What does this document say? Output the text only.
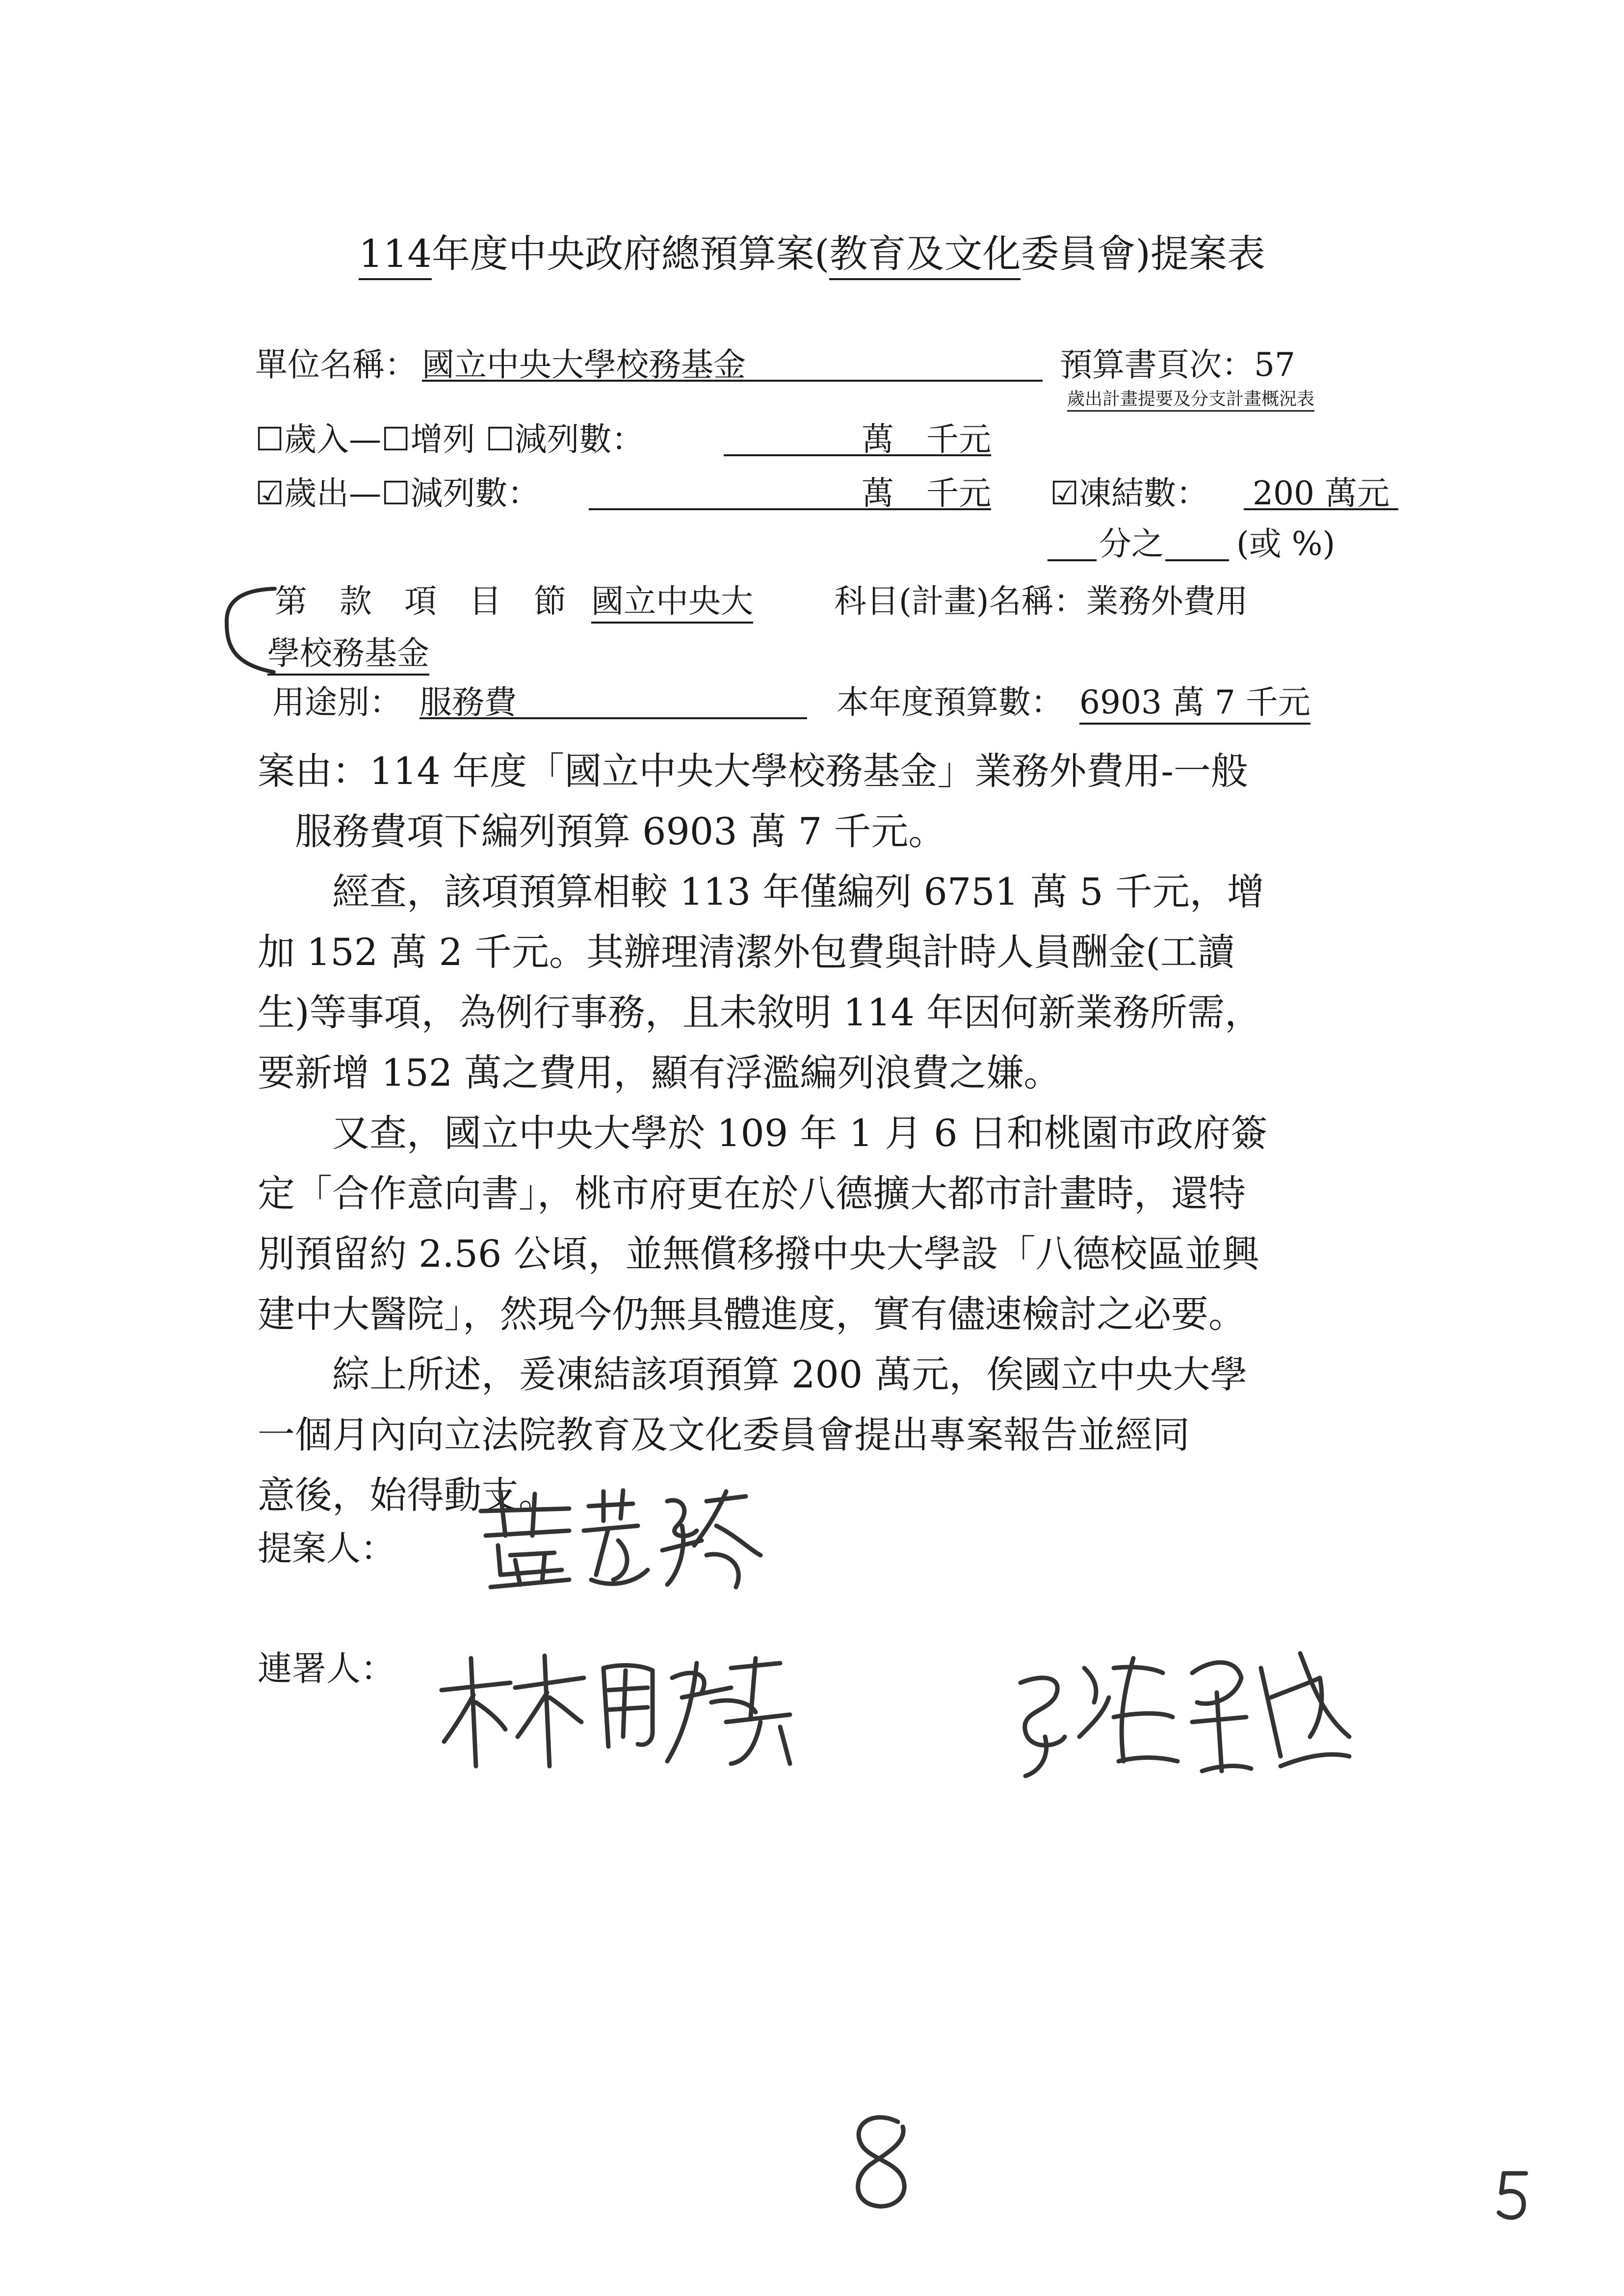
114年度中央政府總預算案(教育及文化委員會)提案表
單位名稱： 國立中央大學校務基金	預算書頁次：57
歲出計畫提要及分支計畫概況表
☐歲入—☐增列 ☐減列數：	萬　千元
☑歲出—☐減列數：	萬　千元 ☑凍結數： 200 萬元
分之 (或 %)
第　款　項　目　節 國立中央大	科目(計畫)名稱：業務外費用
學校務基金
用途別： 服務費	本年度預算數： 6903 萬 7 千元
案由：114 年度「國立中央大學校務基金」業務外費用-一般
　服務費項下編列預算 6903 萬 7 千元。
　　經查，該項預算相較 113 年僅編列 6751 萬 5 千元，增
加 152 萬 2 千元。其辦理清潔外包費與計時人員酬金(工讀
生)等事項，為例行事務，且未敘明 114 年因何新業務所需，
要新增 152 萬之費用，顯有浮濫編列浪費之嫌。
　　又查，國立中央大學於 109 年 1 月 6 日和桃園市政府簽
定「合作意向書」，桃市府更在於八德擴大都市計畫時，還特
別預留約 2.56 公頃，並無償移撥中央大學設「八德校區並興
建中大醫院」，然現今仍無具體進度，實有儘速檢討之必要。
　　綜上所述，爰凍結該項預算 200 萬元，俟國立中央大學
一個月內向立法院教育及文化委員會提出專案報告並經同
意後，始得動支。
提案人：
連署人：
